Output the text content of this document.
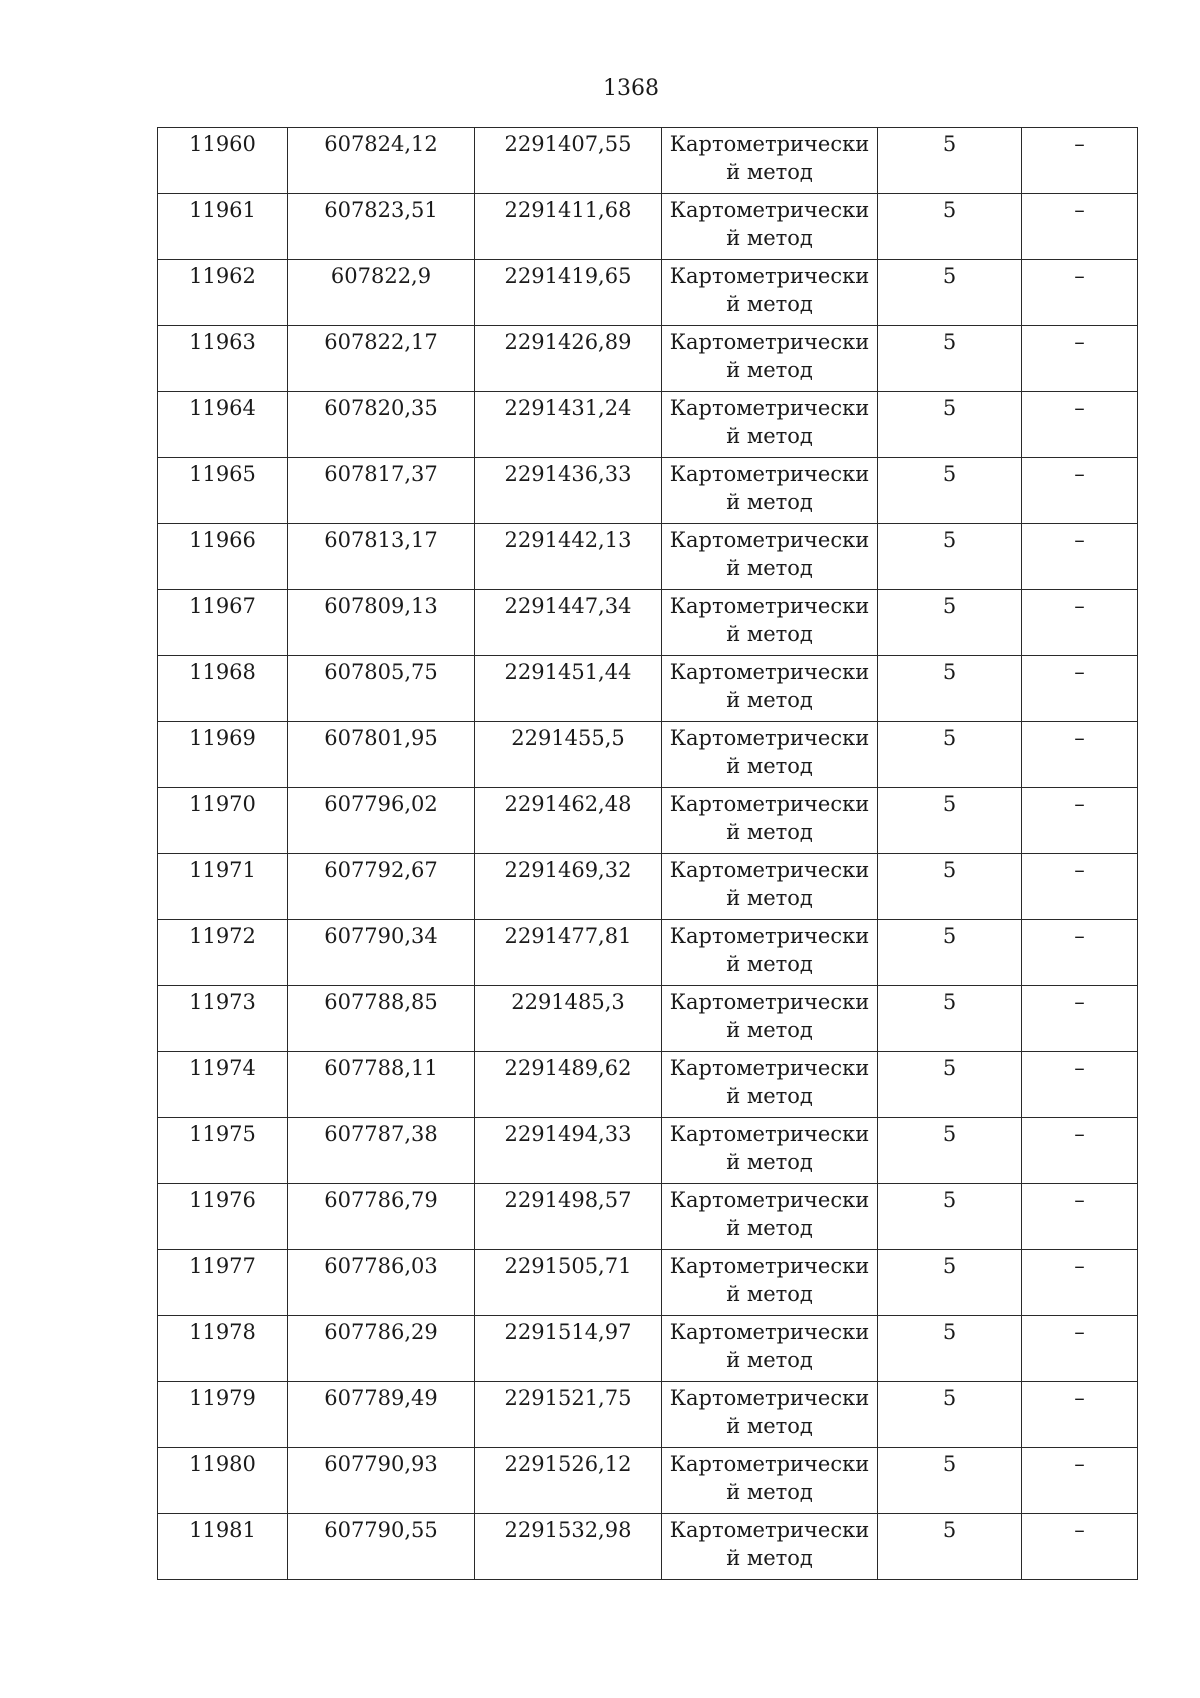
1368
11960	607824,12	2291407,55	Картометрически й метод	5	–
11961	607823,51	2291411,68	Картометрически й метод	5	–
11962	607822,9	2291419,65	Картометрически й метод	5	–
11963	607822,17	2291426,89	Картометрически й метод	5	–
11964	607820,35	2291431,24	Картометрически й метод	5	–
11965	607817,37	2291436,33	Картометрически й метод	5	–
11966	607813,17	2291442,13	Картометрически й метод	5	–
11967	607809,13	2291447,34	Картометрически й метод	5	–
11968	607805,75	2291451,44	Картометрически й метод	5	–
11969	607801,95	2291455,5	Картометрически й метод	5	–
11970	607796,02	2291462,48	Картометрически й метод	5	–
11971	607792,67	2291469,32	Картометрически й метод	5	–
11972	607790,34	2291477,81	Картометрически й метод	5	–
11973	607788,85	2291485,3	Картометрически й метод	5	–
11974	607788,11	2291489,62	Картометрически й метод	5	–
11975	607787,38	2291494,33	Картометрически й метод	5	–
11976	607786,79	2291498,57	Картометрически й метод	5	–
11977	607786,03	2291505,71	Картометрически й метод	5	–
11978	607786,29	2291514,97	Картометрически й метод	5	–
11979	607789,49	2291521,75	Картометрически й метод	5	–
11980	607790,93	2291526,12	Картометрически й метод	5	–
11981	607790,55	2291532,98	Картометрически й метод	5	–
